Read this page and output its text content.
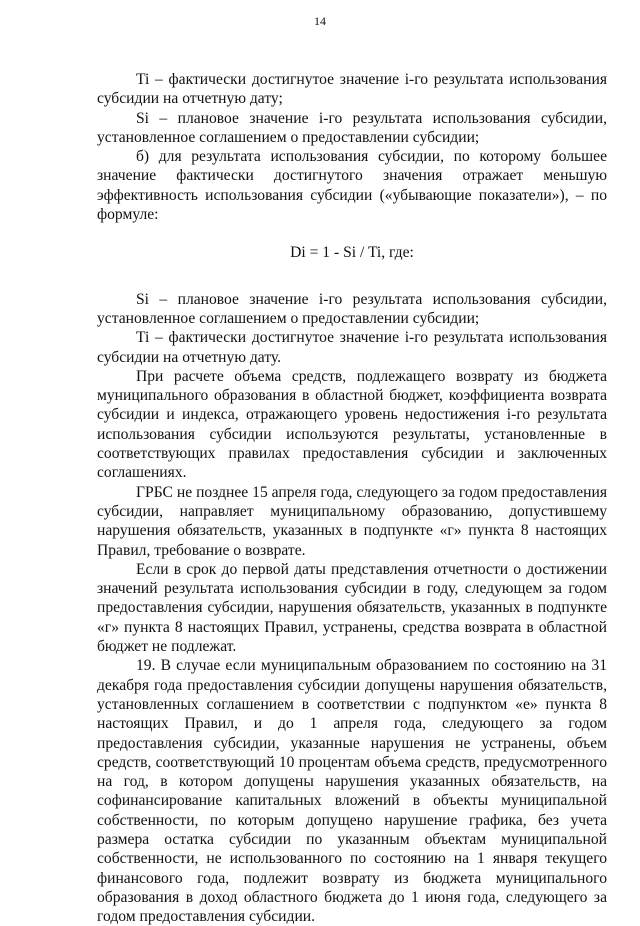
14

Ti – фактически достигнутое значение i-го результата использования субсидии на отчетную дату;

Si – плановое значение i-го результата использования субсидии, установленное соглашением о предоставлении субсидии;

б) для результата использования субсидии, по которому большее значение фактически достигнутого значения отражает меньшую эффективность использования субсидии («убывающие показатели»), – по формуле:

Di = 1 - Si / Ti, где:

Si – плановое значение i-го результата использования субсидии, установленное соглашением о предоставлении субсидии;

Ti – фактически достигнутое значение i-го результата использования субсидии на отчетную дату.

При расчете объема средств, подлежащего возврату из бюджета муниципального образования в областной бюджет, коэффициента возврата субсидии и индекса, отражающего уровень недостижения i-го результата использования субсидии используются результаты, установленные в соответствующих правилах предоставления субсидии и заключенных соглашениях.

ГРБС не позднее 15 апреля года, следующего за годом предоставления субсидии, направляет муниципальному образованию, допустившему нарушения обязательств, указанных в подпункте «г» пункта 8 настоящих Правил, требование о возврате.

Если в срок до первой даты представления отчетности о достижении значений результата использования субсидии в году, следующем за годом предоставления субсидии, нарушения обязательств, указанных в подпункте «г» пункта 8 настоящих Правил, устранены, средства возврата в областной бюджет не подлежат.

19. В случае если муниципальным образованием по состоянию на 31 декабря года предоставления субсидии допущены нарушения обязательств, установленных соглашением в соответствии с подпунктом «е» пункта 8 настоящих Правил, и до 1 апреля года, следующего за годом предоставления субсидии, указанные нарушения не устранены, объем средств, соответствующий 10 процентам объема средств, предусмотренного на год, в котором допущены нарушения указанных обязательств, на софинансирование капитальных вложений в объекты муниципальной собственности, по которым допущено нарушение графика, без учета размера остатка субсидии по указанным объектам муниципальной собственности, не использованного по состоянию на 1 января текущего финансового года, подлежит возврату из бюджета муниципального образования в доход областного бюджета до 1 июня года, следующего за годом предоставления субсидии.
